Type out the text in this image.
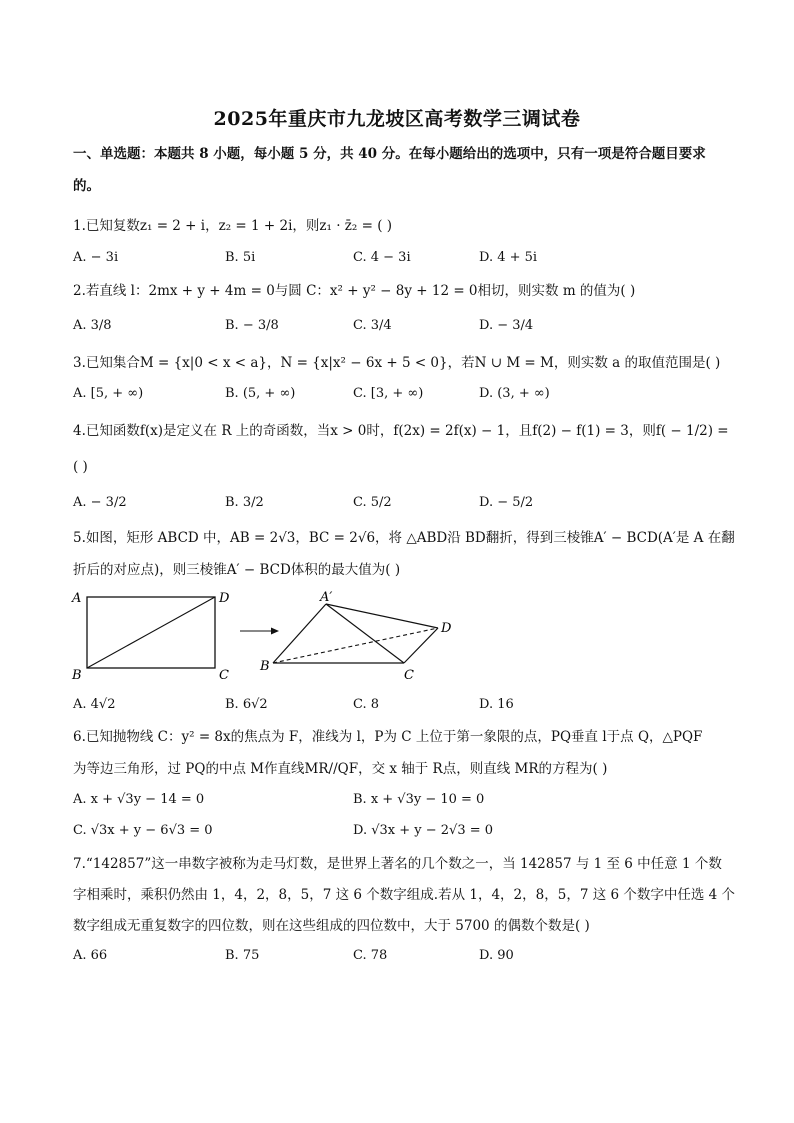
2025年重庆市九龙坡区高考数学三调试卷
一、单选题：本题共 8 小题，每小题 5 分，共 40 分。在每小题给出的选项中，只有一项是符合题目要求
的。
1.已知复数z₁ = 2 + i，z₂ = 1 + 2i，则z₁ · z̄₂ = ( )
A. − 3i	B. 5i	C. 4 − 3i	D. 4 + 5i
2.若直线 l：2mx + y + 4m = 0与圆 C：x² + y² − 8y + 12 = 0相切，则实数 m 的值为( )
A. 3/8	B. − 3/8	C. 3/4	D. − 3/4
3.已知集合M = {x|0 < x < a}，N = {x|x² − 6x + 5 < 0}，若N ∪ M = M，则实数 a 的取值范围是( )
A. [5, + ∞)	B. (5, + ∞)	C. [3, + ∞)	D. (3, + ∞)
4.已知函数f(x)是定义在 R 上的奇函数，当x > 0时，f(2x) = 2f(x) − 1，且f(2) − f(1) = 3，则f( − 1/2) =
( )
A. − 3/2	B. 3/2	C. 5/2	D. − 5/2
5.如图，矩形 ABCD 中，AB = 2√3，BC = 2√6，将 △ABD沿 BD翻折，得到三棱锥A′ − BCD(A′是 A 在翻
折后的对应点)，则三棱锥A′ − BCD体积的最大值为( )
A	D
B	C
A′
D
B
C
A. 4√2	B. 6√2	C. 8	D. 16
6.已知抛物线 C：y² = 8x的焦点为 F，准线为 l，P为 C 上位于第一象限的点，PQ垂直 l于点 Q，△PQF
为等边三角形，过 PQ的中点 M作直线MR//QF，交 x 轴于 R点，则直线 MR的方程为( )
A. x + √3y − 14 = 0	B. x + √3y − 10 = 0
C. √3x + y − 6√3 = 0	D. √3x + y − 2√3 = 0
7.“142857”这一串数字被称为走马灯数，是世界上著名的几个数之一，当 142857 与 1 至 6 中任意 1 个数
字相乘时，乘积仍然由 1，4，2，8，5，7 这 6 个数字组成.若从 1，4，2，8，5，7 这 6 个数字中任选 4 个
数字组成无重复数字的四位数，则在这些组成的四位数中，大于 5700 的偶数个数是( )
A. 66	B. 75	C. 78	D. 90
